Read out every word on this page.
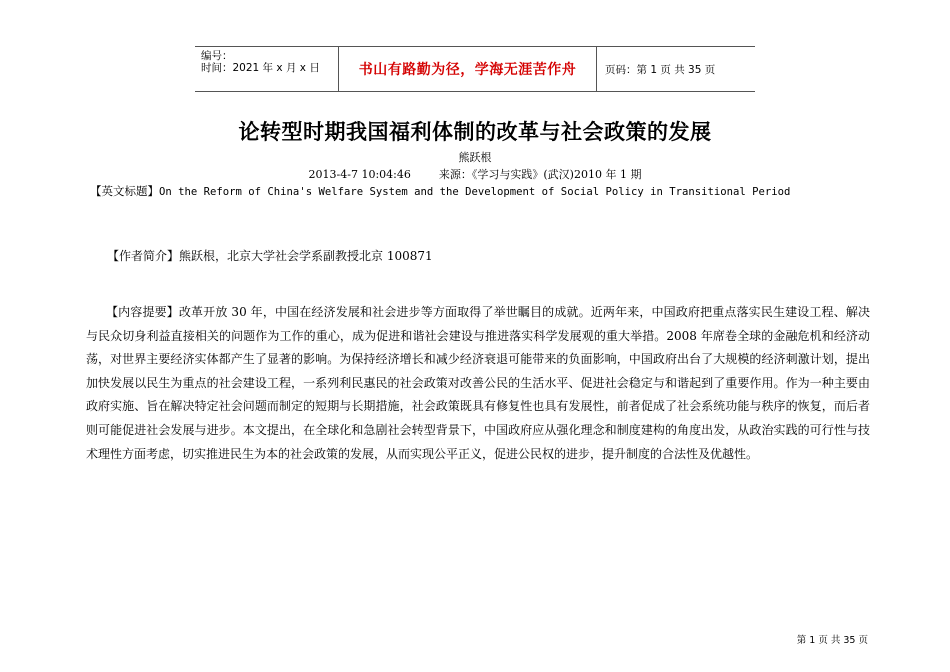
编号：
时间：2021 年 x 月 x 日	书山有路勤为径，学海无涯苦作舟	页码：第 1 页 共 35 页
论转型时期我国福利体制的改革与社会政策的发展
熊跃根
2013-4-7 10:04:46	来源：《学习与实践》(武汉)2010 年 1 期
【英文标题】On the Reform of China's Welfare System and the Development of Social Policy in Transitional Period
【作者简介】熊跃根，北京大学社会学系副教授北京 100871

【内容提要】改革开放 30 年，中国在经济发展和社会进步等方面取得了举世瞩目的成就。近两年来，中国政府把重点落实民生建设工程、解决与民众切身利益直接相关的问题作为工作的重心，成为促进和谐社会建设与推进落实科学发展观的重大举措。2008 年席卷全球的金融危机和经济动荡，对世界主要经济实体都产生了显著的影响。为保持经济增长和减少经济衰退可能带来的负面影响，中国政府出台了大规模的经济刺激计划，提出加快发展以民生为重点的社会建设工程，一系列利民惠民的社会政策对改善公民的生活水平、促进社会稳定与和谐起到了重要作用。作为一种主要由政府实施、旨在解决特定社会问题而制定的短期与长期措施，社会政策既具有修复性也具有发展性，前者促成了社会系统功能与秩序的恢复，而后者则可能促进社会发展与进步。本文提出，在全球化和急剧社会转型背景下，中国政府应从强化理念和制度建构的角度出发，从政治实践的可行性与技术理性方面考虑，切实推进民生为本的社会政策的发展，从而实现公平正义，促进公民权的进步，提升制度的合法性及优越性。

第 1 页 共 35 页
